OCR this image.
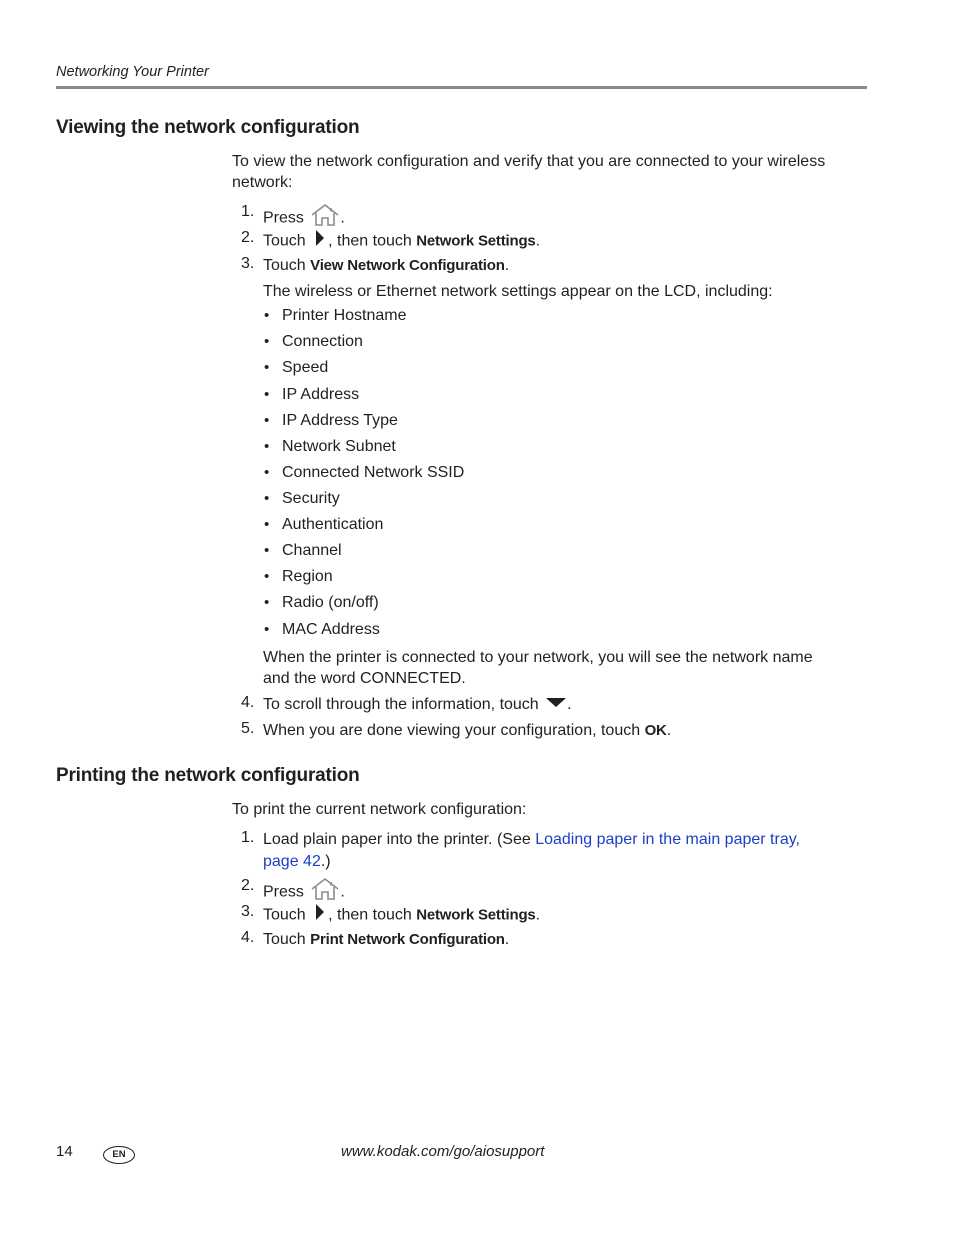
Networking Your Printer
Viewing the network configuration
To view the network configuration and verify that you are connected to your wireless
network:
1. Press .
2. Touch , then touch Network Settings.
3. Touch View Network Configuration.
The wireless or Ethernet network settings appear on the LCD, including:
• Printer Hostname
• Connection
• Speed
• IP Address
• IP Address Type
• Network Subnet
• Connected Network SSID
• Security
• Authentication
• Channel
• Region
• Radio (on/off)
• MAC Address
When the printer is connected to your network, you will see the network name
and the word CONNECTED.
4. To scroll through the information, touch .
5. When you are done viewing your configuration, touch OK.
Printing the network configuration
To print the current network configuration:
1. Load plain paper into the printer. (See Loading paper in the main paper tray,
page 42.)
2. Press .
3. Touch , then touch Network Settings.
4. Touch Print Network Configuration.
14	EN	www.kodak.com/go/aiosupport
